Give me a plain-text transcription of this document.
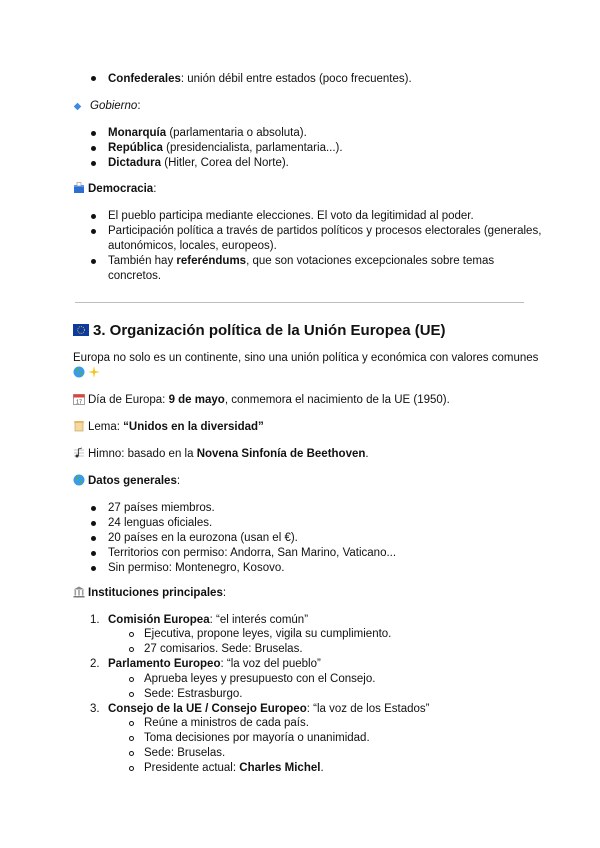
Confederales: unión débil entre estados (poco frecuentes).
Gobierno:
Monarquía (parlamentaria o absoluta).
República (presidencialista, parlamentaria...).
Dictadura (Hitler, Corea del Norte).
Democracia:
El pueblo participa mediante elecciones. El voto da legitimidad al poder.
Participación política a través de partidos políticos y procesos electorales (generales,
autonómicos, locales, europeos).
También hay referéndums, que son votaciones excepcionales sobre temas
concretos.
3. Organización política de la Unión Europea (UE)
Europa no solo es un continente, sino una unión política y económica con valores comunes
17 Día de Europa: 9 de mayo, conmemora el nacimiento de la UE (1950).
Lema: “Unidos en la diversidad”
Himno: basado en la Novena Sinfonía de Beethoven.
Datos generales:
27 países miembros.
24 lenguas oficiales.
20 países en la eurozona (usan el €).
Territorios con permiso: Andorra, San Marino, Vaticano...
Sin permiso: Montenegro, Kosovo.
Instituciones principales:
1. Comisión Europea: “el interés común”
Ejecutiva, propone leyes, vigila su cumplimiento.
27 comisarios. Sede: Bruselas.
2. Parlamento Europeo: “la voz del pueblo”
Aprueba leyes y presupuesto con el Consejo.
Sede: Estrasburgo.
3. Consejo de la UE / Consejo Europeo: “la voz de los Estados”
Reúne a ministros de cada país.
Toma decisiones por mayoría o unanimidad.
Sede: Bruselas.
Presidente actual: Charles Michel.
